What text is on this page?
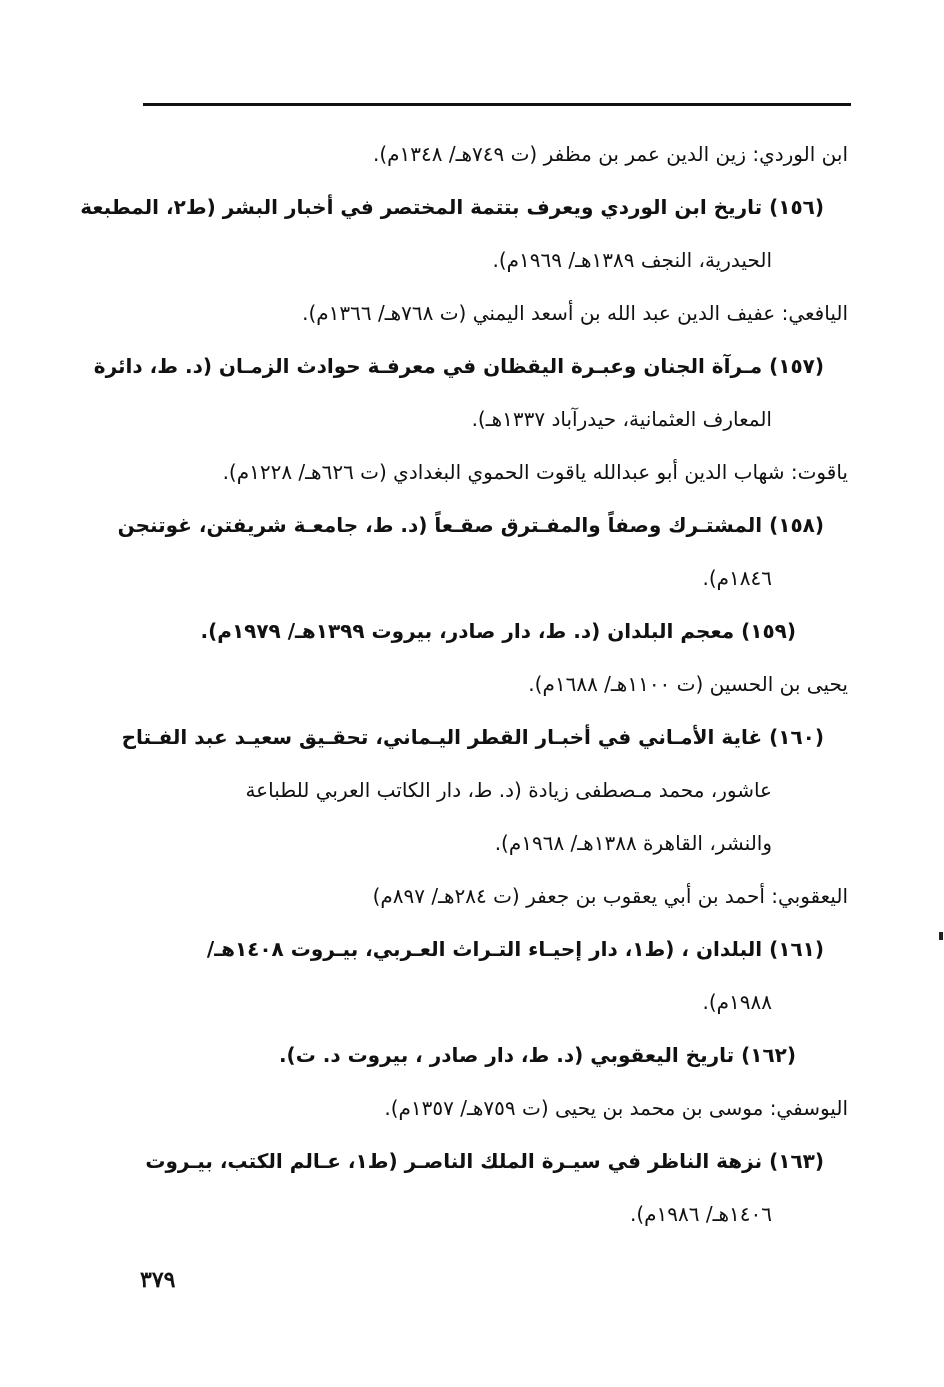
ابن الوردي: زين الدين عمر بن مظفر (ت ٧٤٩هـ/ ١٣٤٨م).
(١٥٦) تاريخ ابن الوردي ويعرف بتتمة المختصر في أخبار البشر (ط٢، المطبعة
الحيدرية، النجف ١٣٨٩هـ/ ١٩٦٩م).
اليافعي: عفيف الدين عبد الله بن أسعد اليمني (ت ٧٦٨هـ/ ١٣٦٦م).
(١٥٧) مـرآة الجنان وعبـرة اليقظان في معرفـة حوادث الزمـان (د. ط، دائرة
المعارف العثمانية، حيدرآباد ١٣٣٧هـ).
ياقوت: شهاب الدين أبو عبدالله ياقوت الحموي البغدادي (ت ٦٢٦هـ/ ١٢٢٨م).
(١٥٨) المشتـرك وصفاً والمفـترق صقـعاً (د. ط، جامعـة شريفتن، غوتنجن
١٨٤٦م).
(١٥٩) معجم البلدان (د. ط، دار صادر، بيروت ١٣٩٩هـ/ ١٩٧٩م).
يحيى بن الحسين (ت ١١٠٠هـ/ ١٦٨٨م).
(١٦٠) غاية الأمـاني في أخبـار القطر اليـماني، تحقـيق سعيـد عبد الفـتاح
عاشور، محمد مـصطفى زيادة (د. ط، دار الكاتب العربي للطباعة
والنشر، القاهرة ١٣٨٨هـ/ ١٩٦٨م).
اليعقوبي: أحمد بن أبي يعقوب بن جعفر (ت ٢٨٤هـ/ ٨٩٧م)
(١٦١) البلدان ، (ط١، دار إحيـاء التـراث العـربي، بيـروت ١٤٠٨هـ/
١٩٨٨م).
(١٦٢) تاريخ اليعقوبي (د. ط، دار صادر ، بيروت د. ت).
اليوسفي: موسى بن محمد بن يحيى (ت ٧٥٩هـ/ ١٣٥٧م).
(١٦٣) نزهة الناظر في سيـرة الملك الناصـر (ط١، عـالم الكتب، بيـروت
١٤٠٦هـ/ ١٩٨٦م).
٣٧٩
